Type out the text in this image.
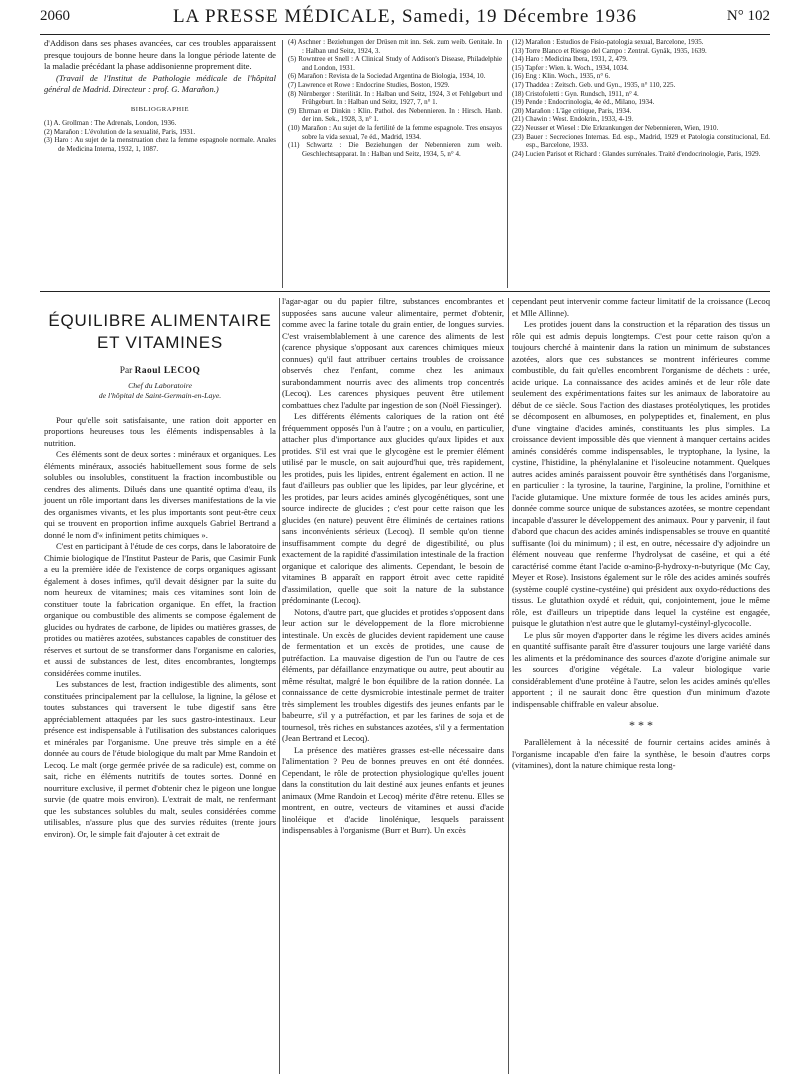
2060	LA PRESSE MÉDICALE, Samedi, 19 Décembre 1936	N° 102

d'Addison dans ses phases avancées, car ces troubles apparaissent presque toujours de bonne heure dans la longue période latente de la maladie précédant la phase addisonienne proprement dite.

(Travail de l'Institut de Pathologie médicale de l'hôpital général de Madrid. Directeur : prof. G. Marañon.)

BIBLIOGRAPHIE
(1) A. Grollman : The Adrenals, London, 1936.
(2) Marañon : L'évolution de la sexualité, Paris, 1931.
(3) Haro : Au sujet de la menstruation chez la femme espagnole normale. Anales de Medicina Interna, 1932, 1, 1087.
(4) Aschner : Beziehungen der Drüsen mit inn. Sek. zum weib. Genitale. In : Halban und Seitz, 1924, 3.
(5) Rowntree et Snell : A Clinical Study of Addison's Disease, Philadelphie and London, 1931.
(6) Marañon : Revista de la Sociedad Argentina de Biologia, 1934, 10.
(7) Lawrence et Rowe : Endocrine Studies, Boston, 1929.
(8) Nürnberger : Sterilität. In : Halban und Seitz, 1924, 3 et Fehlgeburt und Frühgeburt. In : Halban und Seitz, 1927, 7, n° 1.
(9) Ehrman et Dinkin : Klin. Pathol. des Nebennieren. In : Hirsch. Hanb. der inn. Sek., 1928, 3, n° 1.
(10) Marañon : Au sujet de la fertilité de la femme espagnole. Tres ensayos sobre la vida sexual, 7e éd., Madrid, 1934.
(11) Schwartz : Die Beziehungen der Nebennieren zum weib. Geschlechtsapparat. In : Halban und Seitz, 1934, 5, n° 4.
(12) Marañon : Estudios de Fisio-patologia sexual, Barcelone, 1935.
(13) Torre Blanco et Riesgo del Campo : Zentral. Gynäk, 1935, 1639.
(14) Haro : Medicina Ibera, 1931, 2, 479.
(15) Tapfer : Wien. k. Woch., 1934, 1034.
(16) Eng : Klin. Woch., 1935, n° 6.
(17) Thaddea : Zeitsch. Geb. und Gyn., 1935, n° 110, 225.
(18) Cristofoletti : Gyn. Rundsch, 1911, n° 4.
(19) Pende : Endocrinologia, 4e éd., Milano, 1934.
(20) Marañon : L'âge critique, Paris, 1934.
(21) Chawin : West. Endokrin., 1933, 4-19.
(22) Neusser et Wiesel : Die Erkrankungen der Nebennieren, Wien, 1910.
(23) Bauer : Secreciones Internas. Ed. esp., Madrid, 1929 et Patologia constitucional, Ed. esp., Barcelone, 1933.
(24) Lucien Parisot et Richard : Glandes surrénales. Traité d'endocrinologie, Paris, 1929.
ÉQUILIBRE ALIMENTAIRE
ET VITAMINES
Par Raoul LECOQ
Chef du Laboratoire
de l'hôpital de Saint-Germain-en-Laye.

Pour qu'elle soit satisfaisante, une ration doit apporter en proportions heureuses tous les éléments indispensables à la nutrition.

Ces éléments sont de deux sortes : minéraux et organiques. Les éléments minéraux, associés habituellement sous forme de sels solubles ou insolubles, constituent la fraction incombustible ou cendres des aliments. Dilués dans une quantité optima d'eau, ils jouent un rôle important dans les diverses manifestations de la vie des organismes vivants, et les plus importants sont peut-être ceux qui se trouvent en proportion infime auxquels Gabriel Bertrand a donné le nom d'« infiniment petits chimiques ».

C'est en participant à l'étude de ces corps, dans le laboratoire de Chimie biologique de l'Institut Pasteur de Paris, que Casimir Funk a eu la première idée de l'existence de corps organiques agissant également à doses infimes, qu'il devait désigner par la suite du nom heureux de vitamines; mais ces vitamines sont loin de constituer toute la fabrication organique. En effet, la fraction organique ou combustible des aliments se compose également de glucides ou hydrates de carbone, de lipides ou matières grasses, de protides ou matières azotées, substances capables de constituer des réserves et surtout de se transformer dans l'organisme en calories, et aussi de substances de lest, dites encombrantes, longtemps considérées comme inutiles.

Les substances de lest, fraction indigestible des aliments, sont constituées principalement par la cellulose, la lignine, la gélose et toutes substances qui traversent le tube digestif sans être appréciablement attaquées par les sucs gastro-intestinaux. Leur présence est indispensable à l'utilisation des substances caloriques et minérales par l'organisme. Une preuve très simple en a été donnée au cours de l'étude biologique du malt par Mme Randoin et Lecoq. Le malt (orge germée privée de sa radicule) est, comme on sait, riche en éléments nutritifs de toutes sortes. Donné en nourriture exclusive, il permet d'obtenir chez le pigeon une longue survie (de quatre mois environ). L'extrait de malt, ne renfermant que les substances solubles du malt, seules considérées comme utilisables, n'assure plus que des survies réduites (trente jours environ). Or, le simple fait d'ajouter à cet extrait de

l'agar-agar ou du papier filtre, substances encombrantes et supposées sans aucune valeur alimentaire, permet d'obtenir, comme avec la farine totale du grain entier, de longues survies. C'est vraisemblablement à une carence des aliments de lest (carence physique s'opposant aux carences chimiques mieux connues) qu'il faut attribuer certains troubles de croissance observés chez l'enfant, comme chez les animaux surabondamment nourris avec des aliments trop concentrés (Lecoq). Les carences physiques peuvent être utilement combattues chez l'adulte par ingestion de son (Noël Fiessinger).

Les différents éléments caloriques de la ration ont été fréquemment opposés l'un à l'autre ; on a voulu, en particulier, attacher plus d'importance aux glucides qu'aux lipides et aux protides. S'il est vrai que le glycogène est le premier élément utilisé par le muscle, on sait aujourd'hui que, très rapidement, les protides, puis les lipides, entrent également en action. Il ne faut d'ailleurs pas oublier que les lipides, par leur glycérine, et les protides, par leurs acides aminés glycogénétiques, sont une source indirecte de glucides ; c'est pour cette raison que les glucides (en nature) peuvent être éliminés de certaines rations sans inconvénients sérieux (Lecoq). Il semble qu'on tienne insuffisamment compte du degré de digestibilité, ou plus exactement de la rapidité d'assimilation intestinale de la fraction organique et calorique des aliments. Cependant, le besoin de vitamines B apparaît en rapport étroit avec cette rapidité d'assimilation, quelle que soit la nature de la substance prédominante (Lecoq).

Notons, d'autre part, que glucides et protides s'opposent dans leur action sur le développement de la flore microbienne intestinale. Un excès de glucides devient rapidement une cause de fermentation et un excès de protides, une cause de putréfaction. La mauvaise digestion de l'un ou l'autre de ces éléments, par défaillance enzymatique ou autre, peut aboutir au même résultat, malgré le bon équilibre de la ration donnée. La connaissance de cette dysmicrobie intestinale permet de traiter très simplement les troubles digestifs des jeunes enfants par le babeurre, s'il y a putréfaction, et par les farines de soja et de tournesol, très riches en substances azotées, s'il y a fermentation (Jean Bertrand et Lecoq).

La présence des matières grasses est-elle nécessaire dans l'alimentation ? Peu de bonnes preuves en ont été données. Cependant, le rôle de protection physiologique qu'elles jouent dans la constitution du lait destiné aux jeunes enfants et jeunes animaux (Mme Randoin et Lecoq) mérite d'être retenu. Elles se montrent, en outre, vecteurs de vitamines et aussi d'acide linoléique et d'acide linolénique, lesquels paraissent indispensables à l'organisme (Burr et Burr). Un excès

cependant peut intervenir comme facteur limitatif de la croissance (Lecoq et Mlle Allinne).

Les protides jouent dans la construction et la réparation des tissus un rôle qui est admis depuis longtemps. C'est pour cette raison qu'on a toujours cherché à maintenir dans la ration un minimum de substances azotées, alors que ces substances se montrent inférieures comme combustible, du fait qu'elles encombrent l'organisme de déchets : urée, acide urique. La connaissance des acides aminés et de leur rôle date seulement des expérimentations faites sur les animaux de laboratoire au début de ce siècle. Sous l'action des diastases protéolytiques, les protides se décomposent en albumoses, en polypeptides et, finalement, en plus d'une vingtaine d'acides aminés, constituants les plus simples. La croissance devient impossible dès que viennent à manquer certains acides aminés considérés comme indispensables, le tryptophane, la lysine, la cystine, l'histidine, la phénylalanine et l'isoleucine notamment. Quelques autres acides aminés paraissent pouvoir être synthétisés dans l'organisme, en particulier : la tyrosine, la taurine, l'arginine, la proline, l'ornithine et l'acide glutamique. Une mixture formée de tous les acides aminés purs, donnée comme source unique de substances azotées, se montre cependant incapable d'assurer le développement des animaux. Pour y parvenir, il faut d'abord que chacun des acides aminés indispensables se trouve en quantité suffisante (loi du minimum) ; il est, en outre, nécessaire d'y adjoindre un élément nouveau que renferme l'hydrolysat de caséine, et qui a été caractérisé comme étant l'acide α-amino-β-hydroxy-n-butyrique (Mc Cay, Meyer et Rose). Insistons également sur le rôle des acides aminés soufrés (système couplé cystine-cystéine) qui président aux oxydo-réductions des tissus. Le glutathion oxydé et réduit, qui, conjointement, joue le même rôle, est d'ailleurs un tripeptide dans lequel la cystéine est engagée, puisque le glutathion n'est autre que le glutamyl-cystéinyl-glycocolle.

Le plus sûr moyen d'apporter dans le régime les divers acides aminés en quantité suffisante paraît être d'assurer toujours une large variété dans les aliments et la prédominance des sources d'azote d'origine animale sur les sources d'origine végétale. La valeur biologique varie considérablement d'une protéine à l'autre, selon les acides aminés qu'elles apportent ; il ne saurait donc être question d'un minimum d'azote indispensable chiffrable en valeur absolue.

* * *

Parallèlement à la nécessité de fournir certains acides aminés à l'organisme incapable d'en faire la synthèse, le besoin d'autres corps (vitamines), dont la nature chimique resta long-
